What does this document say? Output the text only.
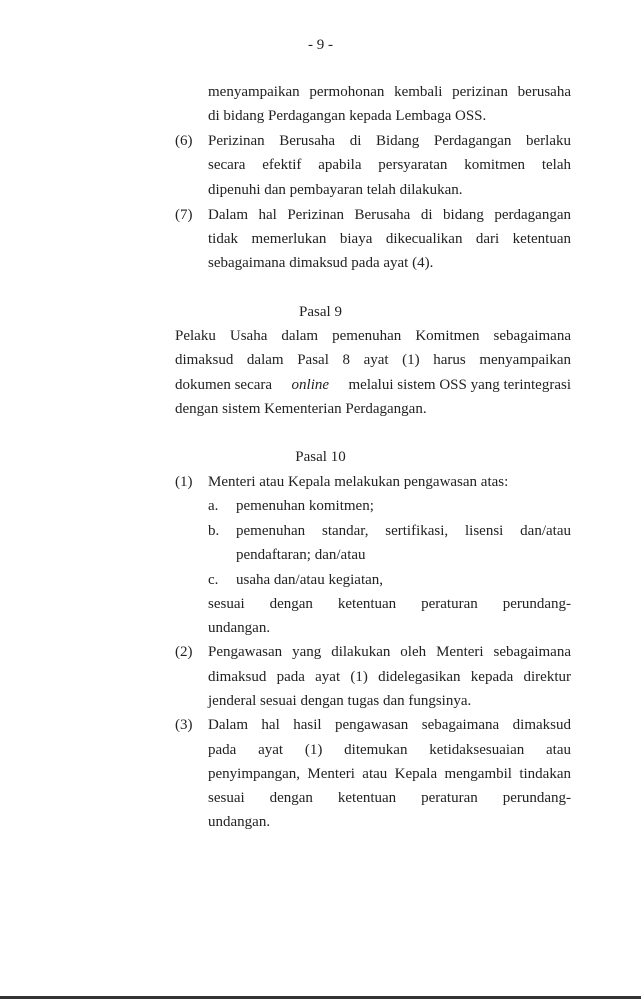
- 9 -
menyampaikan permohonan kembali perizinan berusaha
di bidang Perdagangan kepada Lembaga OSS.
(6) Perizinan Berusaha di Bidang Perdagangan berlaku
secara efektif apabila persyaratan komitmen telah
dipenuhi dan pembayaran telah dilakukan.
(7) Dalam hal Perizinan Berusaha di bidang perdagangan
tidak memerlukan biaya dikecualikan dari ketentuan
sebagaimana dimaksud pada ayat (4).
Pasal 9
Pelaku Usaha dalam pemenuhan Komitmen sebagaimana
dimaksud dalam Pasal 8 ayat (1) harus menyampaikan
dokumen secara online melalui sistem OSS yang terintegrasi
dengan sistem Kementerian Perdagangan.
Pasal 10
(1) Menteri atau Kepala melakukan pengawasan atas:
a. pemenuhan komitmen;
b. pemenuhan standar, sertifikasi, lisensi dan/atau
pendaftaran; dan/atau
c. usaha dan/atau kegiatan,
sesuai dengan ketentuan peraturan perundang-
undangan.
(2) Pengawasan yang dilakukan oleh Menteri sebagaimana
dimaksud pada ayat (1) didelegasikan kepada direktur
jenderal sesuai dengan tugas dan fungsinya.
(3) Dalam hal hasil pengawasan sebagaimana dimaksud
pada ayat (1) ditemukan ketidaksesuaian atau
penyimpangan, Menteri atau Kepala mengambil tindakan
sesuai dengan ketentuan peraturan perundang-
undangan.
